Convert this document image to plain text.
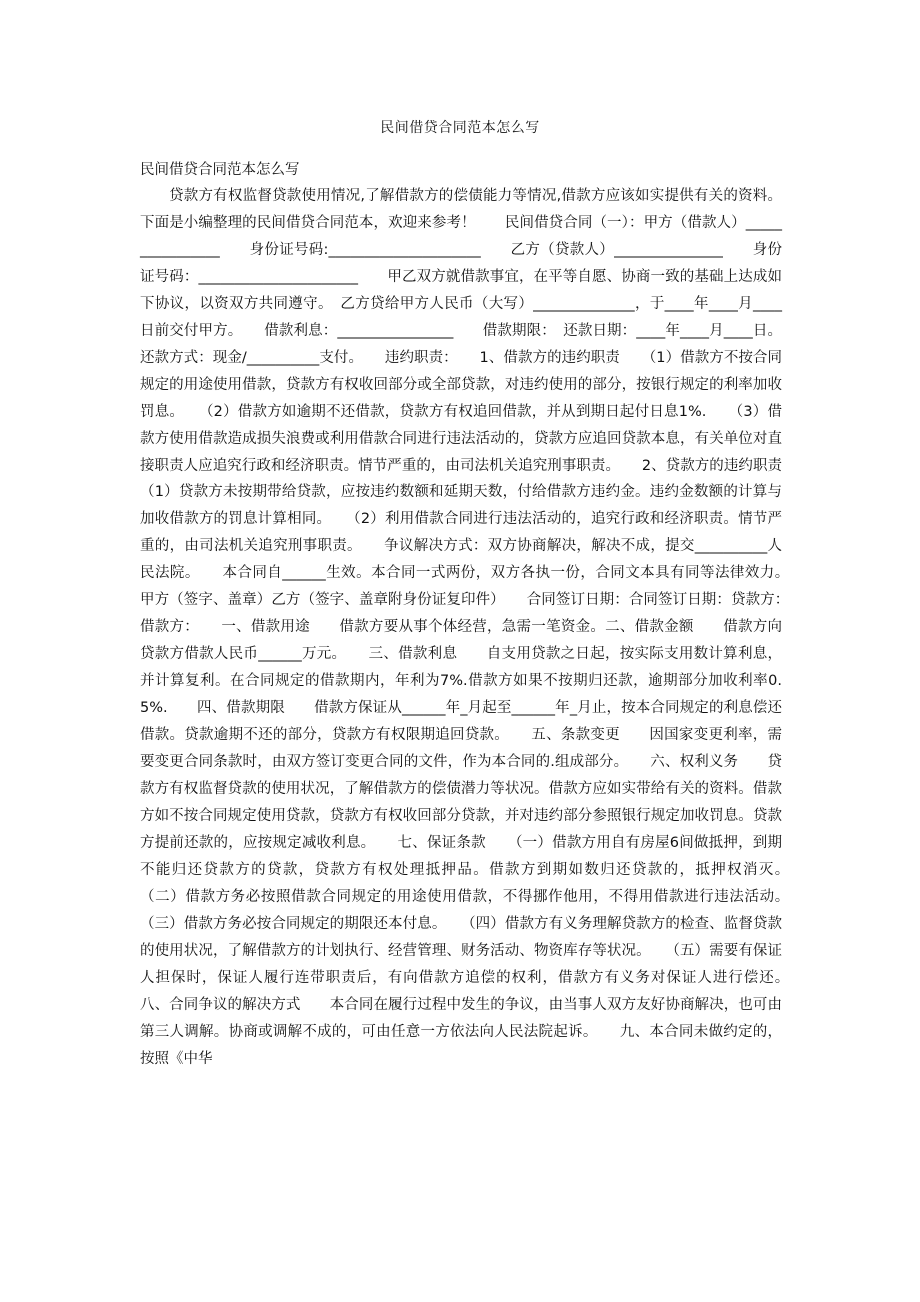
民间借贷合同范本怎么写
民间借贷合同范本怎么写
贷款方有权监督贷款使用情况,了解借款方的偿债能力等情况,借款方应该如实提供有关的资料。下面是小编整理的民间借贷合同范本，欢迎来参考！　　民间借贷合同（一）：甲方（借款人）________________　　身份证号码:_____________________　　乙方（贷款人）_______________　　身份证号码：______________________　　甲乙双方就借款事宜，在平等自愿、协商一致的基础上达成如下协议，以资双方共同遵守。　乙方贷给甲方人民币（大写）______________，于____年____月____日前交付甲方。　　借款利息：________________　　借款期限：　还款日期：____年____月____日。还款方式：现金/__________支付。　　违约职责：　　1、借款方的违约职责　　（1）借款方不按合同规定的用途使用借款，贷款方有权收回部分或全部贷款，对违约使用的部分，按银行规定的利率加收罚息。　　（2）借款方如逾期不还借款，贷款方有权追回借款，并从到期日起付日息1%.　　（3）借款方使用借款造成损失浪费或利用借款合同进行违法活动的，贷款方应追回贷款本息，有关单位对直接职责人应追究行政和经济职责。情节严重的，由司法机关追究刑事职责。　　2、贷款方的违约职责　　（1）贷款方未按期带给贷款，应按违约数额和延期天数，付给借款方违约金。违约金数额的计算与加收借款方的罚息计算相同。　　（2）利用借款合同进行违法活动的，追究行政和经济职责。情节严重的，由司法机关追究刑事职责。　　争议解决方式：双方协商解决，解决不成，提交__________人民法院。　　本合同自______生效。本合同一式两份，双方各执一份，合同文本具有同等法律效力。　　甲方（签字、盖章）乙方（签字、盖章附身份证复印件）　　合同签订日期：合同签订日期：贷款方：　　借款方：　　一、借款用途　　借款方要从事个体经营，急需一笔资金。二、借款金额　　借款方向贷款方借款人民币______万元。　　三、借款利息　　自支用贷款之日起，按实际支用数计算利息，并计算复利。在合同规定的借款期内，年利为7%.借款方如果不按期归还款，逾期部分加收利率0.5%.　　四、借款期限　　借款方保证从______年_月起至______年_月止，按本合同规定的利息偿还借款。贷款逾期不还的部分，贷款方有权限期追回贷款。　　五、条款变更　　因国家变更利率，需要变更合同条款时，由双方签订变更合同的文件，作为本合同的.组成部分。　　六、权利义务　　贷款方有权监督贷款的使用状况，了解借款方的偿债潜力等状况。借款方应如实带给有关的资料。借款方如不按合同规定使用贷款，贷款方有权收回部分贷款，并对违约部分参照银行规定加收罚息。贷款方提前还款的，应按规定减收利息。　　七、保证条款　　（一）借款方用自有房屋6间做抵押，到期不能归还贷款方的贷款，贷款方有权处理抵押品。借款方到期如数归还贷款的，抵押权消灭。　　（二）借款方务必按照借款合同规定的用途使用借款，不得挪作他用，不得用借款进行违法活动。　　（三）借款方务必按合同规定的期限还本付息。　　（四）借款方有义务理解贷款方的检查、监督贷款的使用状况，了解借款方的计划执行、经营管理、财务活动、物资库存等状况。　　（五）需要有保证人担保时，保证人履行连带职责后，有向借款方追偿的权利，借款方有义务对保证人进行偿还。　　八、合同争议的解决方式　　本合同在履行过程中发生的争议，由当事人双方友好协商解决，也可由第三人调解。协商或调解不成的，可由任意一方依法向人民法院起诉。　　九、本合同未做约定的，按照《中华
